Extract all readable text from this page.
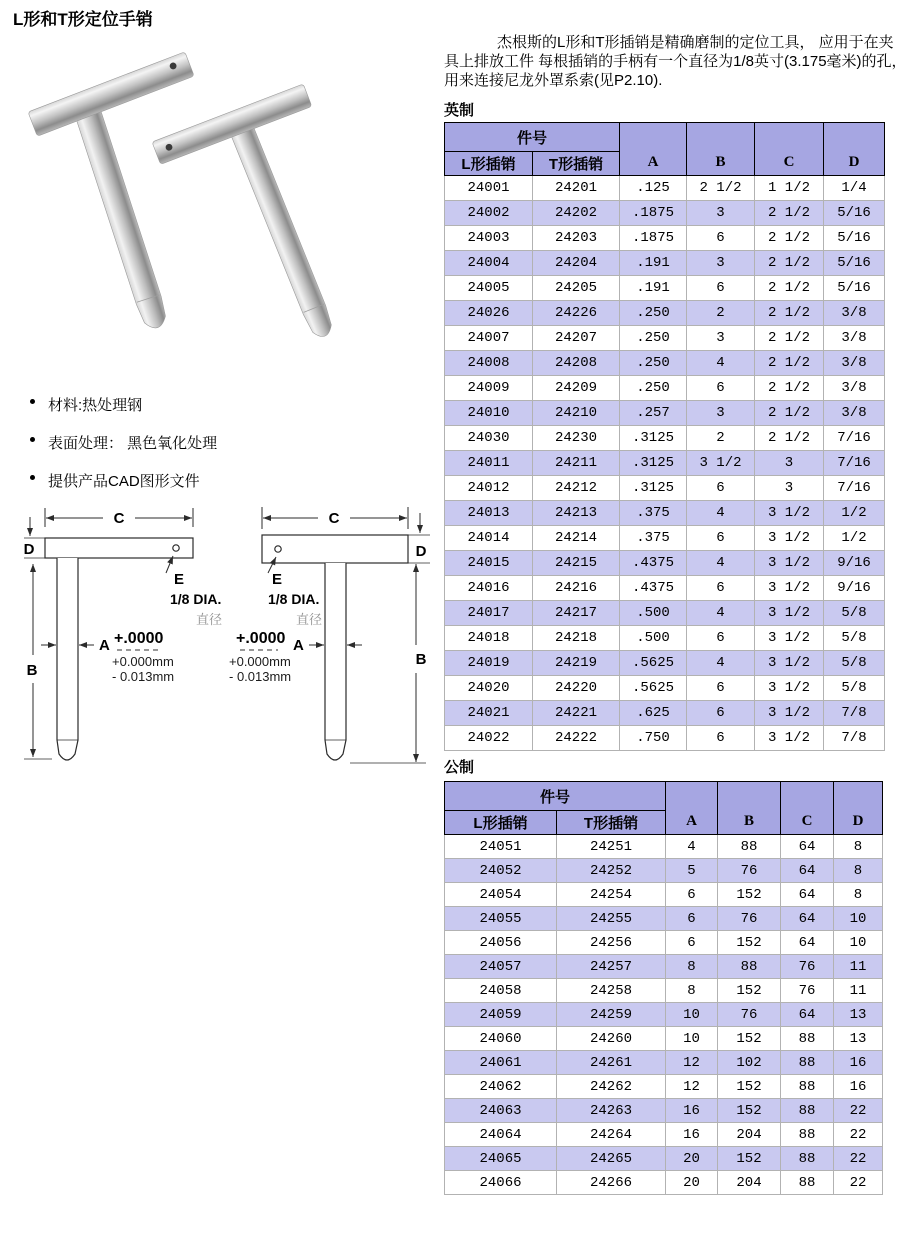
L形和T形定位手销
材料:热处理钢
表面处理： 黑色氧化处理
提供产品CAD图形文件
C
D
B
A
E
1/8 DIA.
直径
+.0000
+0.000mm
- 0.013mm
C
D
B
A
E
1/8 DIA.
直径
+.0000
+0.000mm
- 0.013mm
杰根斯的L形和T形插销是精确磨制的定位工具， 应用于在夹具上排放工件 每根插销的手柄有一个直径为1/8英寸(3.175毫米)的孔，用来连接尼龙外罩系索(见P2.10).
英制
件号		A	B	C	D
L形插销	T形插销				
24001	24201	.125	2 1/2	1 1/2	1/4
24002	24202	.1875	3	2 1/2	5/16
24003	24203	.1875	6	2 1/2	5/16
24004	24204	.191	3	2 1/2	5/16
24005	24205	.191	6	2 1/2	5/16
24026	24226	.250	2	2 1/2	3/8
24007	24207	.250	3	2 1/2	3/8
24008	24208	.250	4	2 1/2	3/8
24009	24209	.250	6	2 1/2	3/8
24010	24210	.257	3	2 1/2	3/8
24030	24230	.3125	2	2 1/2	7/16
24011	24211	.3125	3 1/2	3	7/16
24012	24212	.3125	6	3	7/16
24013	24213	.375	4	3 1/2	1/2
24014	24214	.375	6	3 1/2	1/2
24015	24215	.4375	4	3 1/2	9/16
24016	24216	.4375	6	3 1/2	9/16
24017	24217	.500	4	3 1/2	5/8
24018	24218	.500	6	3 1/2	5/8
24019	24219	.5625	4	3 1/2	5/8
24020	24220	.5625	6	3 1/2	5/8
24021	24221	.625	6	3 1/2	7/8
24022	24222	.750	6	3 1/2	7/8
公制
件号		A	B	C	D
L形插销	T形插销				
24051	24251	4	88	64	8
24052	24252	5	76	64	8
24054	24254	6	152	64	8
24055	24255	6	76	64	10
24056	24256	6	152	64	10
24057	24257	8	88	76	11
24058	24258	8	152	76	11
24059	24259	10	76	64	13
24060	24260	10	152	88	13
24061	24261	12	102	88	16
24062	24262	12	152	88	16
24063	24263	16	152	88	22
24064	24264	16	204	88	22
24065	24265	20	152	88	22
24066	24266	20	204	88	22
